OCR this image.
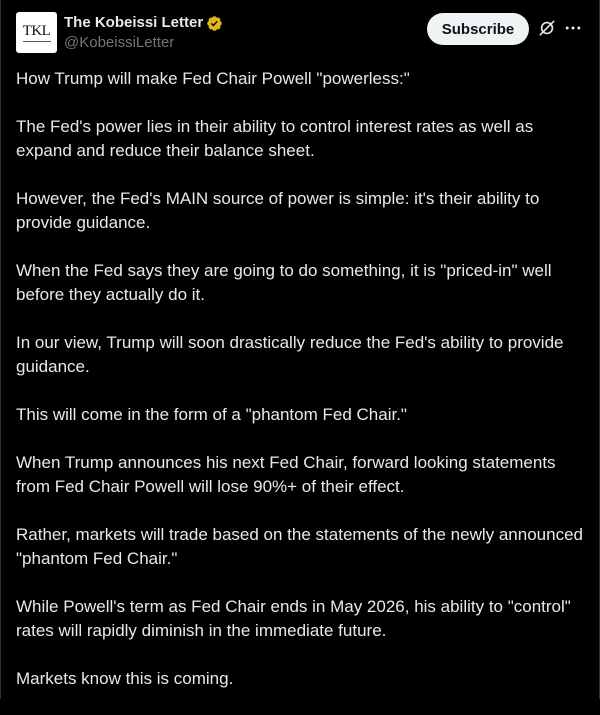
TKL The Kobeissi Letter
@KobeissiLetter
Subscribe

How Trump will make Fed Chair Powell "powerless:"

The Fed's power lies in their ability to control interest rates as well as expand and reduce their balance sheet.

However, the Fed's MAIN source of power is simple: it's their ability to provide guidance.

When the Fed says they are going to do something, it is "priced-in" well before they actually do it.

In our view, Trump will soon drastically reduce the Fed's ability to provide guidance.

This will come in the form of a "phantom Fed Chair."

When Trump announces his next Fed Chair, forward looking statements from Fed Chair Powell will lose 90%+ of their effect.

Rather, markets will trade based on the statements of the newly announced "phantom Fed Chair."

While Powell's term as Fed Chair ends in May 2026, his ability to "control" rates will rapidly diminish in the immediate future.

Markets know this is coming.
